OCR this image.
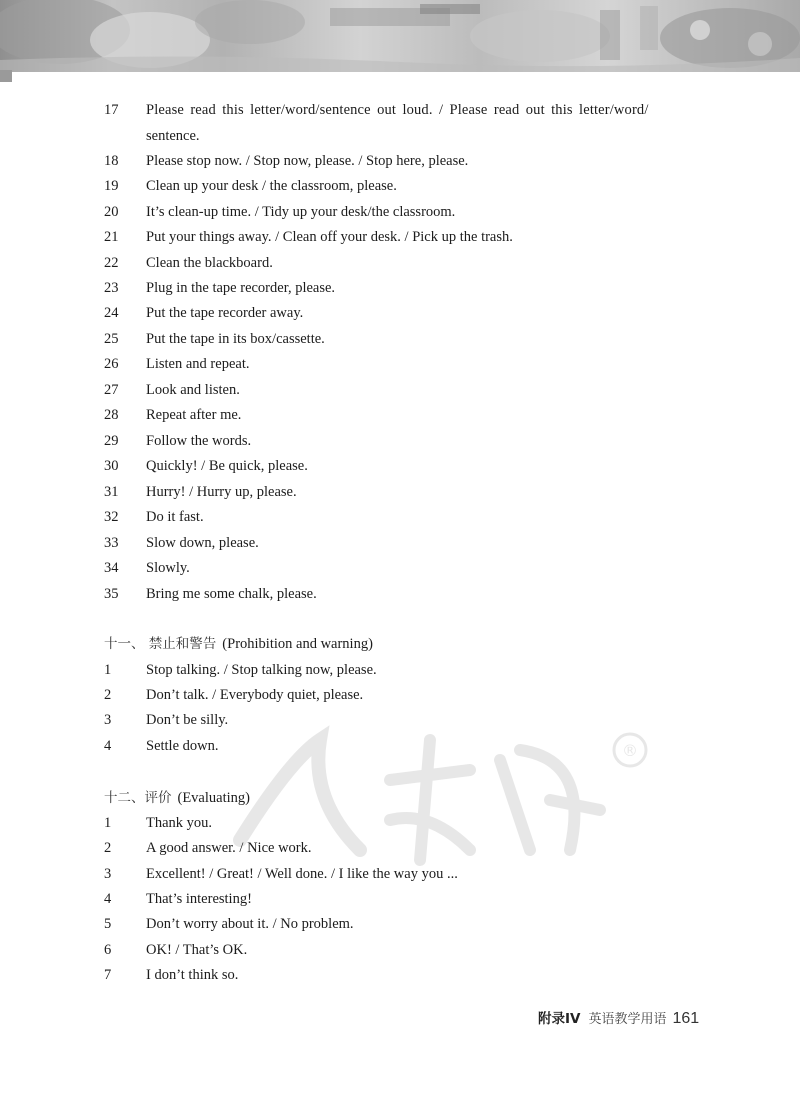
®
17 Please read this letter/word/sentence out loud. / Please read out this letter/word/
sentence.
18 Please stop now. / Stop now, please. / Stop here, please.
19 Clean up your desk / the classroom, please.
20 It’s clean-up time. / Tidy up your desk/the classroom.
21 Put your things away. / Clean off your desk. / Pick up the trash.
22 Clean the blackboard.
23 Plug in the tape recorder, please.
24 Put the tape recorder away.
25 Put the tape in its box/cassette.
26 Listen and repeat.
27 Look and listen.
28 Repeat after me.
29 Follow the words.
30 Quickly! / Be quick, please.
31 Hurry! / Hurry up, please.
32 Do it fast.
33 Slow down, please.
34 Slowly.
35 Bring me some chalk, please.
十一、 禁止和警告 (Prohibition and warning)
1 Stop talking. / Stop talking now, please.
2 Don’t talk. / Everybody quiet, please.
3 Don’t be silly.
4 Settle down.
十二、评价 (Evaluating)
1 Thank you.
2 A good answer. / Nice work.
3 Excellent! / Great! / Well done. / I like the way you ...
4 That’s interesting!
5 Don’t worry about it. / No problem.
6 OK! / That’s OK.
7 I don’t think so.
附录IV 英语教学用语 161
